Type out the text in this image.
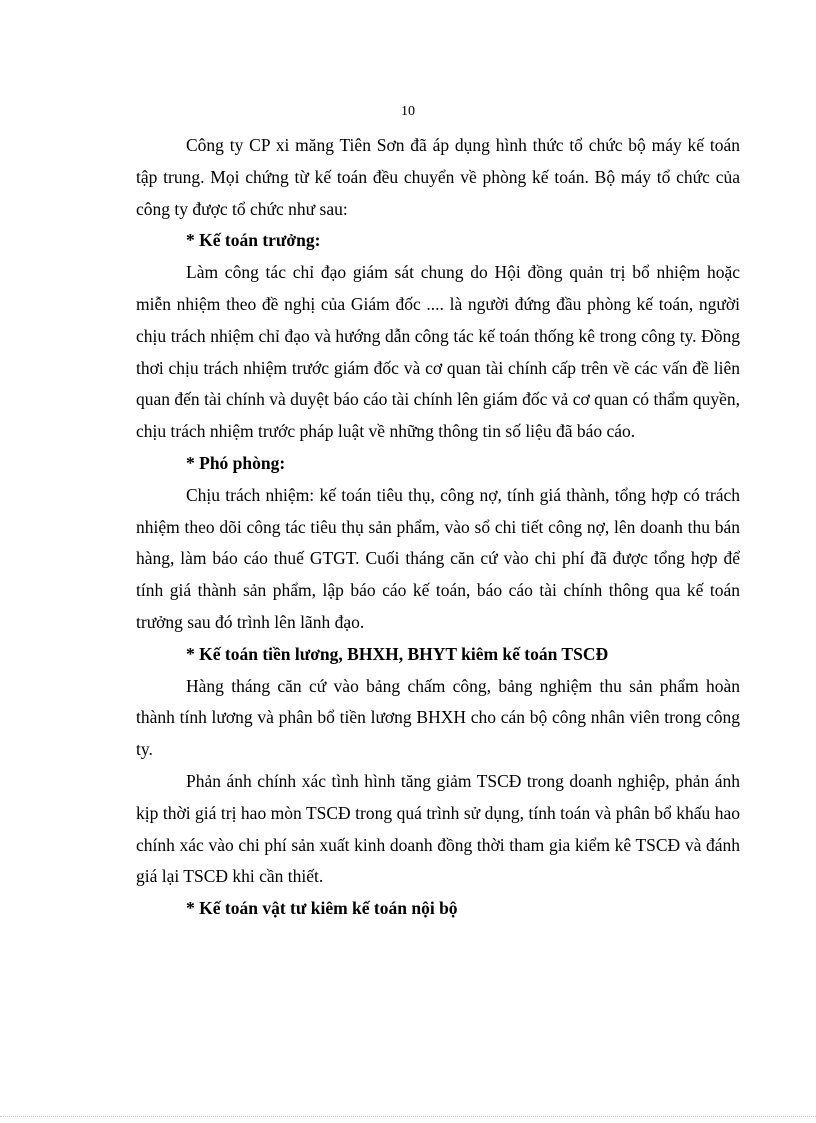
10

Công ty CP xi măng Tiên Sơn đã áp dụng hình thức tổ chức bộ máy kế toán tập trung. Mọi chứng từ kế toán đều chuyển về phòng kế toán. Bộ máy tổ chức của công ty được tổ chức như sau:

* Kế toán trưởng:

Làm công tác chỉ đạo giám sát chung do Hội đồng quản trị bổ nhiệm hoặc miễn nhiệm theo đề nghị của Giám đốc .... là người đứng đầu phòng kế toán, người chịu trách nhiệm chỉ đạo và hướng dẫn công tác kế toán thống kê trong công ty. Đồng thơi chịu trách nhiệm trước giám đốc và cơ quan tài chính cấp trên về các vấn đề liên quan đến tài chính và duyệt báo cáo tài chính lên giám đốc vả cơ quan có thẩm quyền, chịu trách nhiệm trước pháp luật về những thông tin số liệu đã báo cáo.

* Phó phòng:

Chịu trách nhiệm: kế toán tiêu thụ, công nợ, tính giá thành, tổng hợp có trách nhiệm theo dõi công tác tiêu thụ sản phẩm, vào sổ chi tiết công nợ, lên doanh thu bán hàng, làm báo cáo thuế GTGT. Cuối tháng căn cứ vào chi phí đã được tổng hợp để tính giá thành sản phẩm, lập báo cáo kế toán, báo cáo tài chính thông qua kế toán trưởng sau đó trình lên lãnh đạo.

* Kế toán tiền lương, BHXH, BHYT kiêm kế toán TSCĐ

Hàng tháng căn cứ vào bảng chấm công, bảng nghiệm thu sản phẩm hoàn thành tính lương và phân bổ tiền lương BHXH cho cán bộ công nhân viên trong công ty.

Phản ánh chính xác tình hình tăng giảm TSCĐ trong doanh nghiệp, phản ánh kịp thời giá trị hao mòn TSCĐ trong quá trình sử dụng, tính toán và phân bổ khấu hao chính xác vào chi phí sản xuất kinh doanh đồng thời tham gia kiểm kê TSCĐ và đánh giá lại TSCĐ khi cần thiết.

* Kế toán vật tư kiêm kế toán nội bộ
